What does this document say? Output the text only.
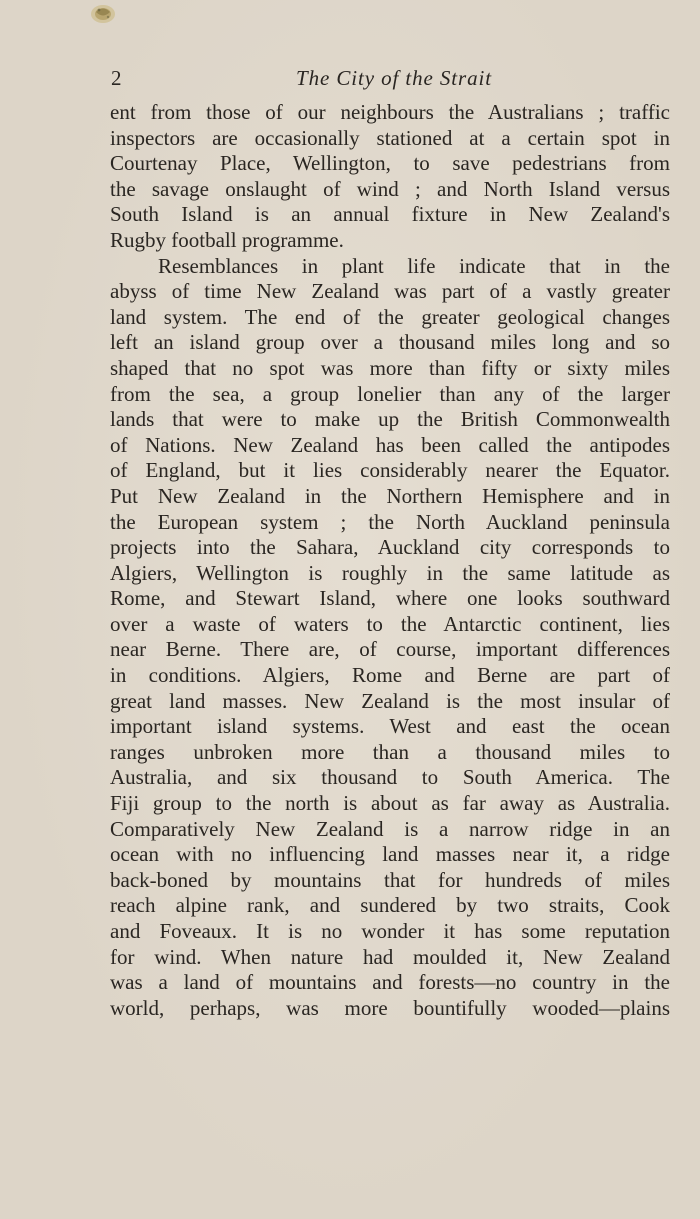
2	The City of the Strait
ent from those of our neighbours the Australians ; traffic
inspectors are occasionally stationed at a certain spot in
Courtenay Place, Wellington, to save pedestrians from
the savage onslaught of wind ; and North Island versus
South Island is an annual fixture in New Zealand's
Rugby football programme.
Resemblances in plant life indicate that in the
abyss of time New Zealand was part of a vastly greater
land system. The end of the greater geological changes
left an island group over a thousand miles long and so
shaped that no spot was more than fifty or sixty miles
from the sea, a group lonelier than any of the larger
lands that were to make up the British Commonwealth
of Nations. New Zealand has been called the antipodes
of England, but it lies considerably nearer the Equator.
Put New Zealand in the Northern Hemisphere and in
the European system ; the North Auckland peninsula
projects into the Sahara, Auckland city corresponds to
Algiers, Wellington is roughly in the same latitude as
Rome, and Stewart Island, where one looks southward
over a waste of waters to the Antarctic continent, lies
near Berne. There are, of course, important differences
in conditions. Algiers, Rome and Berne are part of
great land masses. New Zealand is the most insular of
important island systems. West and east the ocean
ranges unbroken more than a thousand miles to
Australia, and six thousand to South America. The
Fiji group to the north is about as far away as Australia.
Comparatively New Zealand is a narrow ridge in an
ocean with no influencing land masses near it, a ridge
back-boned by mountains that for hundreds of miles
reach alpine rank, and sundered by two straits, Cook
and Foveaux. It is no wonder it has some reputation
for wind. When nature had moulded it, New Zealand
was a land of mountains and forests—no country in the
world, perhaps, was more bountifully wooded—plains
